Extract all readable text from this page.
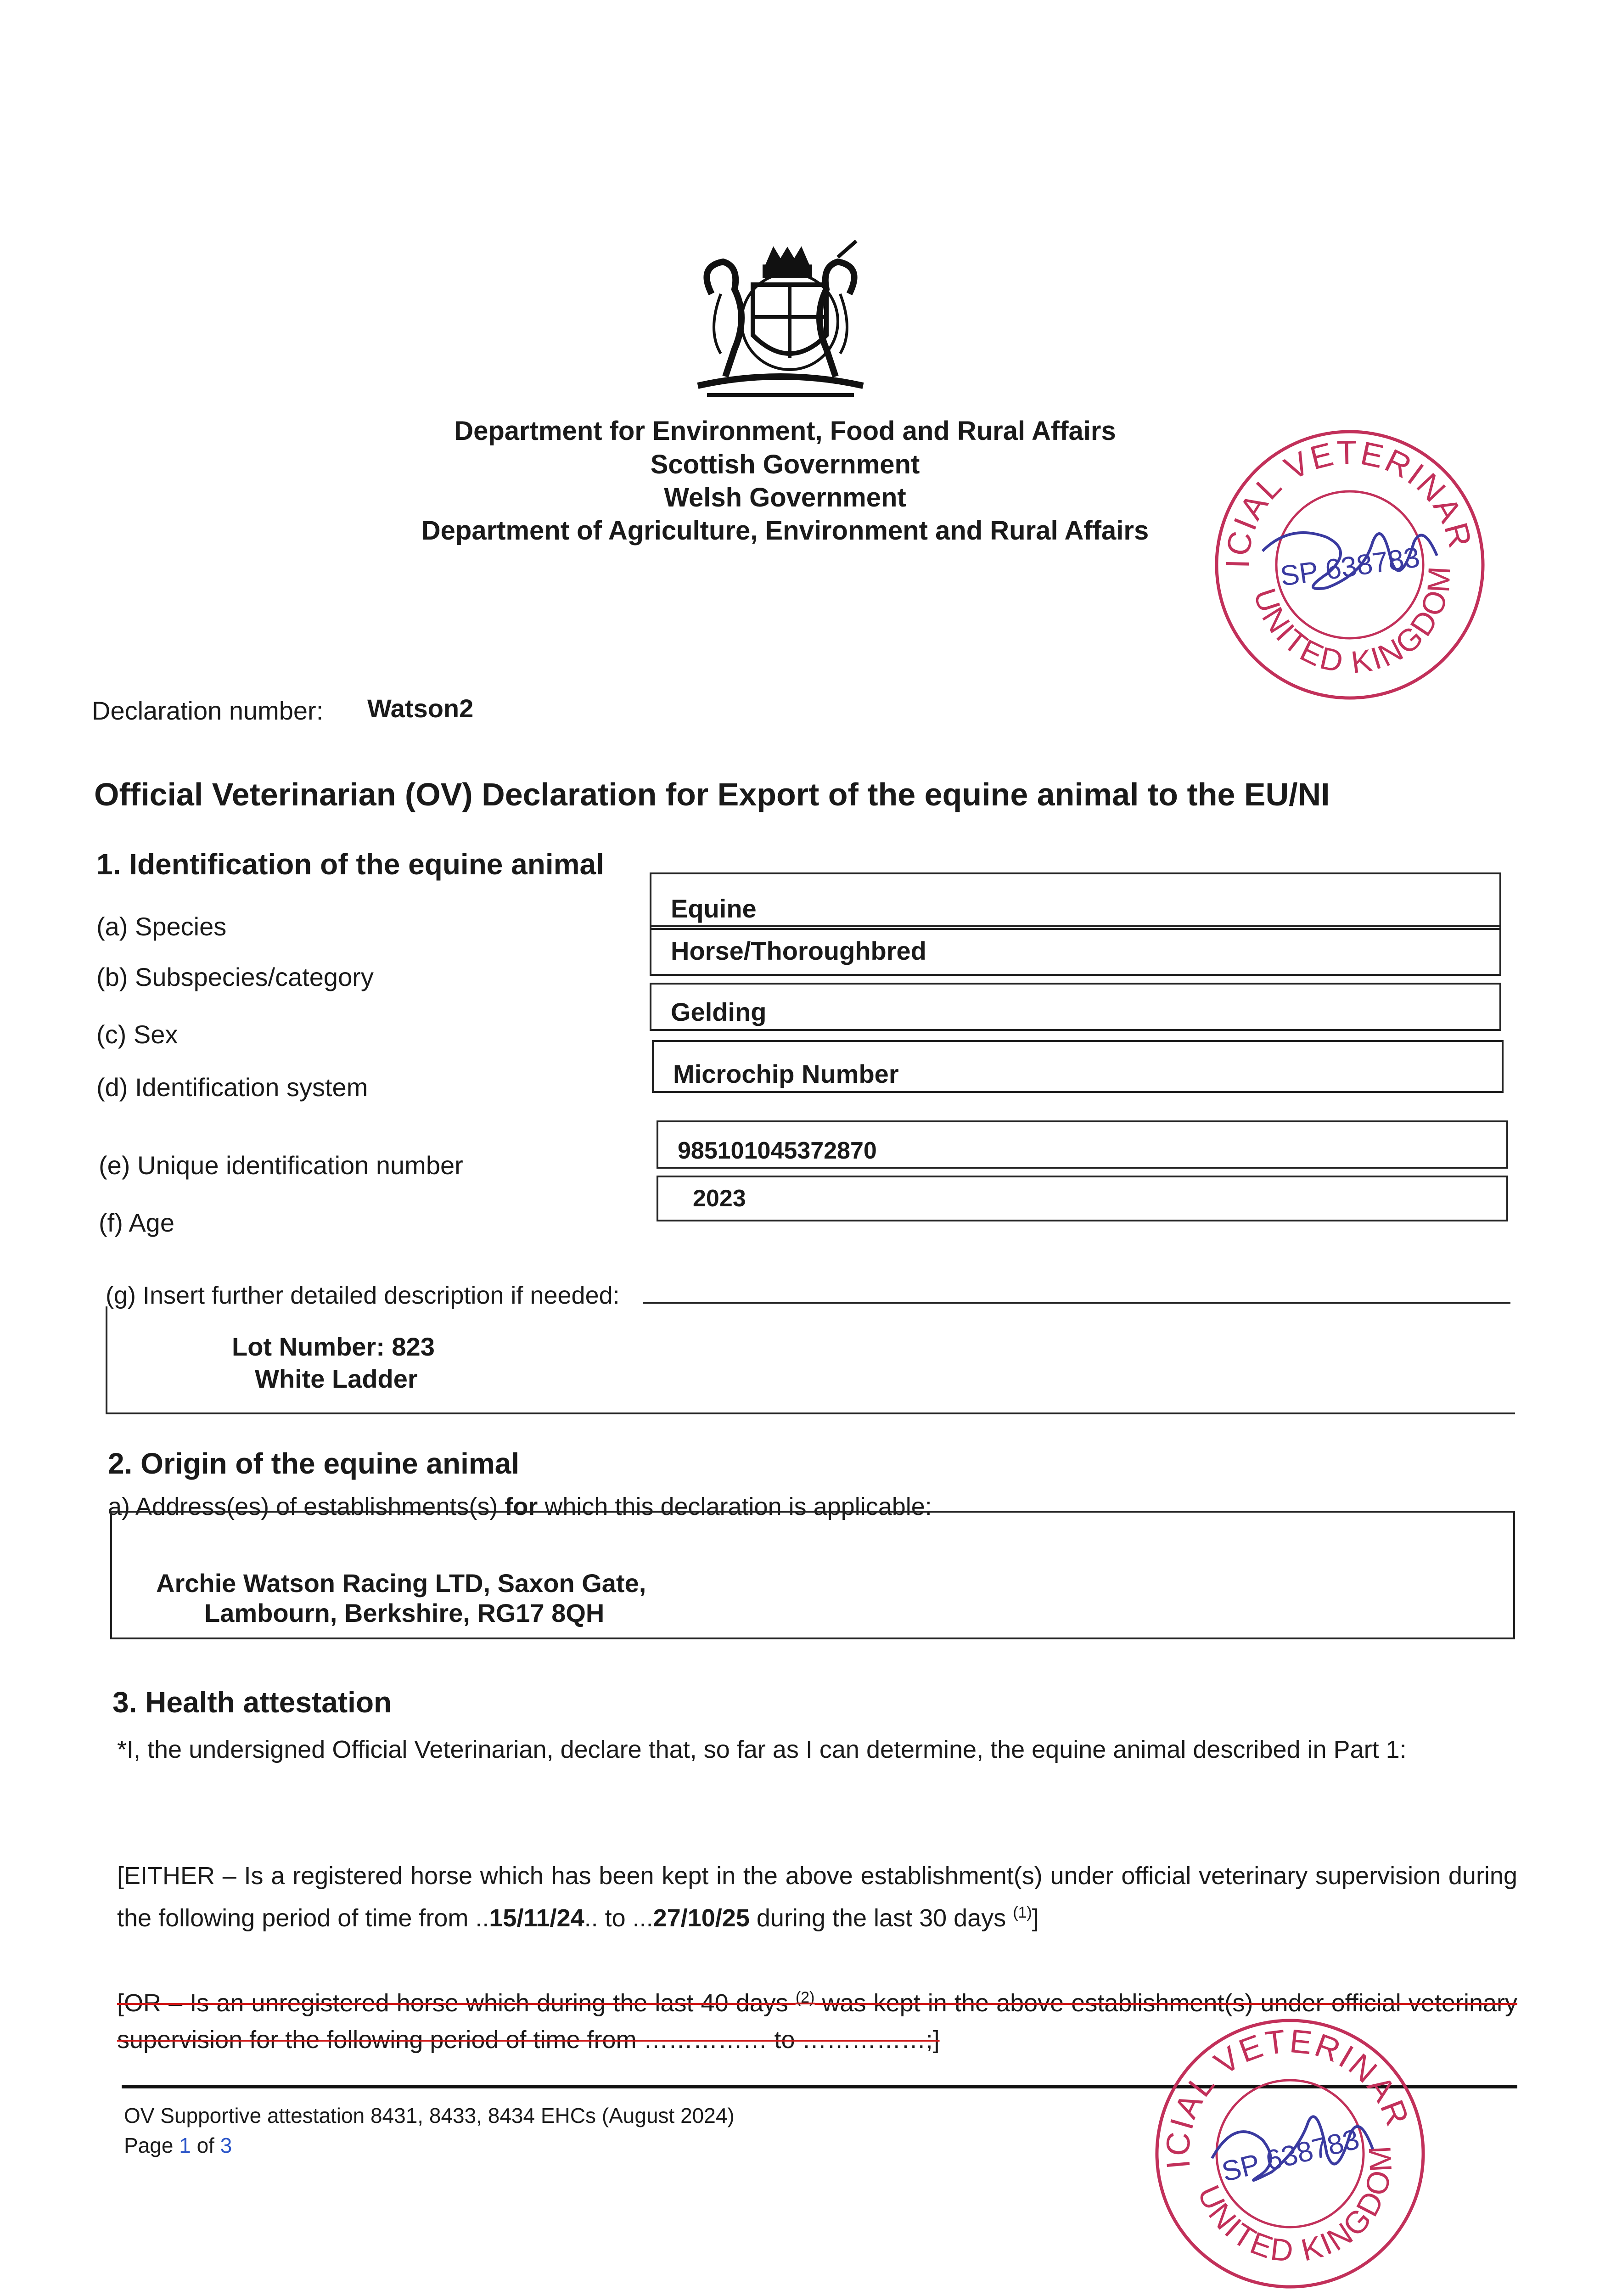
Department for Environment, Food and Rural Affairs
Scottish Government
Welsh Government
Department of Agriculture, Environment and Rural Affairs
Declaration number: Watson2
Official Veterinarian (OV) Declaration for Export of the equine animal to the EU/NI
1. Identification of the equine animal
(a) Species
Equine
(b) Subspecies/category
Horse/Thoroughbred
(c) Sex
Gelding
(d) Identification system	Microchip Number
(e) Unique identification number	985101045372870
(f) Age
2023
(g) Insert further detailed description if needed:
Lot Number: 823
White Ladder
2. Origin of the equine animal
a) Address(es) of establishments(s) for which this declaration is applicable:
Archie Watson Racing LTD, Saxon Gate,
Lambourn, Berkshire, RG17 8QH
3. Health attestation
*I, the undersigned Official Veterinarian, declare that, so far as I can determine, the equine animal described in Part 1:
[EITHER – Is a registered horse which has been kept in the above establishment(s) under official veterinary supervision during the following period of time from ..15/11/24.. to ...27/10/25 during the last 30 days $^{(1)}$]
[OR – Is an unregistered horse which during the last 40 days $^{(2)}$ was kept in the above establishment(s) under official veterinary supervision for the following period of time from …………… to ……………;]
OV Supportive attestation 8431, 8433, 8434 EHCs (August 2024)
Page 1 of 3
OFFICIAL VETERINARIAN
UNITED KINGDOM
SP 638783
OFFICIAL VETERINARIAN
UNITED KINGDOM
SP 638783
